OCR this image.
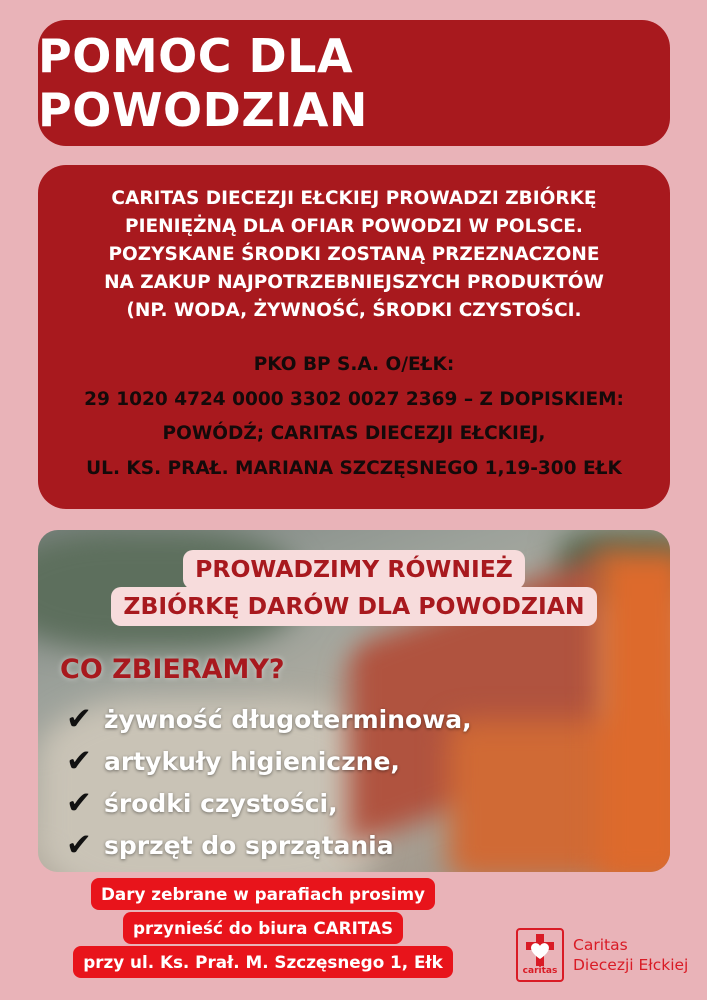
POMOC DLA POWODZIAN
CARITAS DIECEZJI EŁCKIEJ PROWADZI ZBIÓRKĘ
PIENIĘŻNĄ DLA OFIAR POWODZI W POLSCE.
POZYSKANE ŚRODKI ZOSTANĄ PRZEZNACZONE
NA ZAKUP NAJPOTRZEBNIEJSZYCH PRODUKTÓW
(NP. WODA, ŻYWNOŚĆ, ŚRODKI CZYSTOŚCI.
PKO BP S.A. O/EŁK:
29 1020 4724 0000 3302 0027 2369 – Z DOPISKIEM:
POWÓDŹ; CARITAS DIECEZJI EŁCKIEJ,
UL. KS. PRAŁ. MARIANA SZCZĘSNEGO 1,19-300 EŁK
PROWADZIMY RÓWNIEŻ
ZBIÓRKĘ DARÓW DLA POWODZIAN
CO ZBIERAMY?
✔ żywność długoterminowa,
✔ artykuły higieniczne,
✔ środki czystości,
✔ sprzęt do sprzątania
Dary zebrane w parafiach prosimy
przynieść do biura CARITAS
przy ul. Ks. Prał. M. Szczęsnego 1, Ełk	caritas
Caritas
Diecezji Ełckiej
